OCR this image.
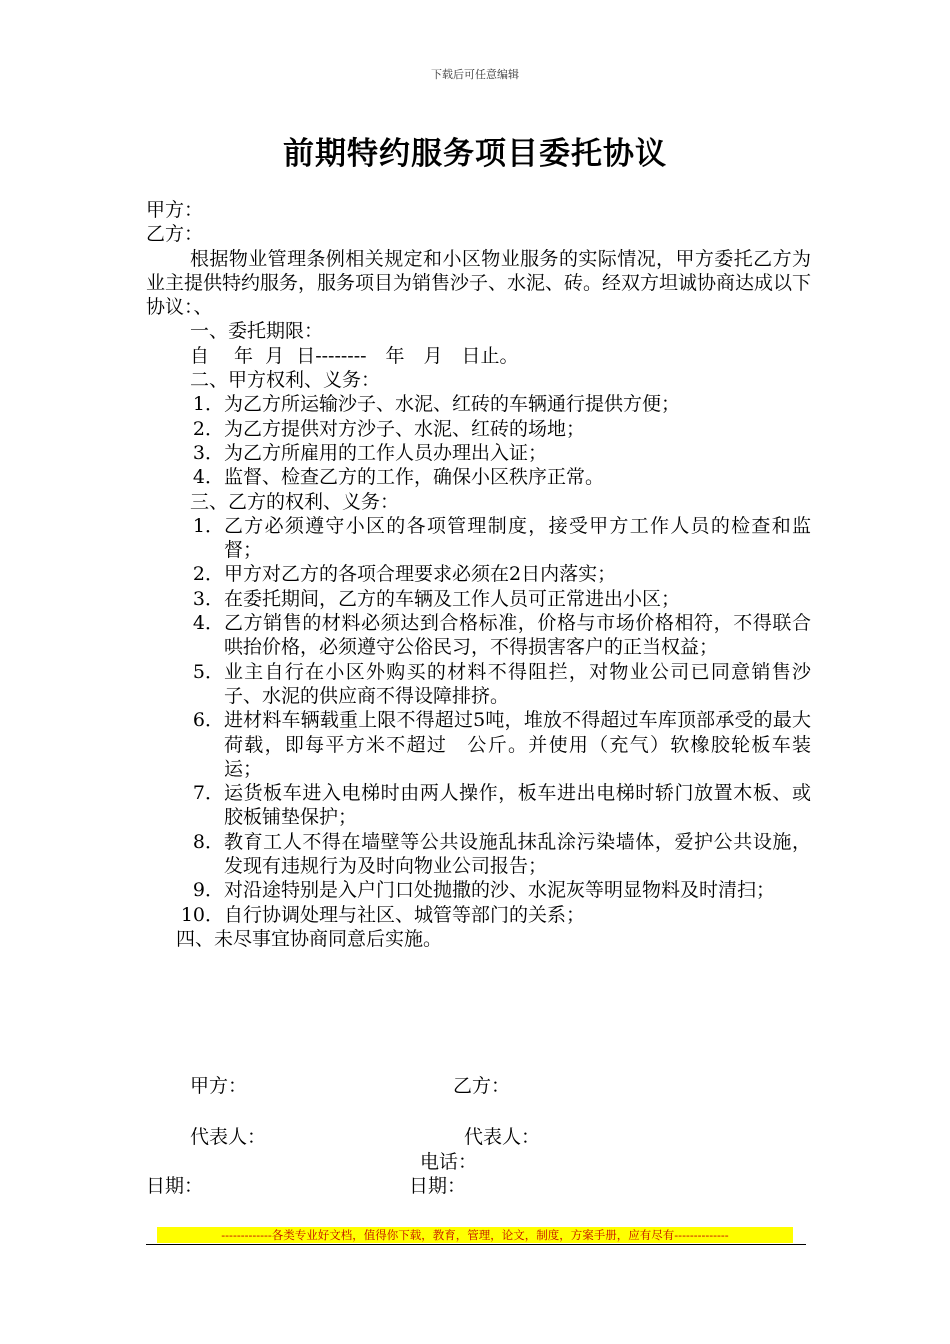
下载后可任意编辑
前期特约服务项目委托协议
甲方：
乙方：
根据物业管理条例相关规定和小区物业服务的实际情况，甲方委托乙方为业主提供特约服务，服务项目为销售沙子、水泥、砖。经双方坦诚协商达成以下协议：、
一、委托期限：
自　 年  月  日--------　年　月　日止。
二、甲方权利、义务：
1． 为乙方所运输沙子、水泥、红砖的车辆通行提供方便；
2． 为乙方提供对方沙子、水泥、红砖的场地；
3． 为乙方所雇用的工作人员办理出入证；
4． 监督、检查乙方的工作，确保小区秩序正常。
三、乙方的权利、义务：
1． 乙方必须遵守小区的各项管理制度，接受甲方工作人员的检查和监督；
2． 甲方对乙方的各项合理要求必须在2日内落实；
3． 在委托期间，乙方的车辆及工作人员可正常进出小区；
4． 乙方销售的材料必须达到合格标准，价格与市场价格相符，不得联合哄抬价格，必须遵守公俗民习，不得损害客户的正当权益；
5． 业主自行在小区外购买的材料不得阻拦，对物业公司已同意销售沙子、水泥的供应商不得设障排挤。
6． 进材料车辆载重上限不得超过5吨，堆放不得超过车库顶部承受的最大荷载，即每平方米不超过　公斤。并使用（充气）软橡胶轮板车装运；
7． 运货板车进入电梯时由两人操作，板车进出电梯时轿门放置木板、或胶板铺垫保护；
8． 教育工人不得在墙壁等公共设施乱抹乱涂污染墙体，爱护公共设施，发现有违规行为及时向物业公司报告；
9． 对沿途特别是入户门口处抛撒的沙、水泥灰等明显物料及时清扫；
10． 自行协调处理与社区、城管等部门的关系；
四、未尽事宜协商同意后实施。
甲方：	乙方：
代表人：	代表人：
电话：
日期：	日期：
-------------各类专业好文档，值得你下载，教育，管理，论文，制度，方案手册，应有尽有--------------
